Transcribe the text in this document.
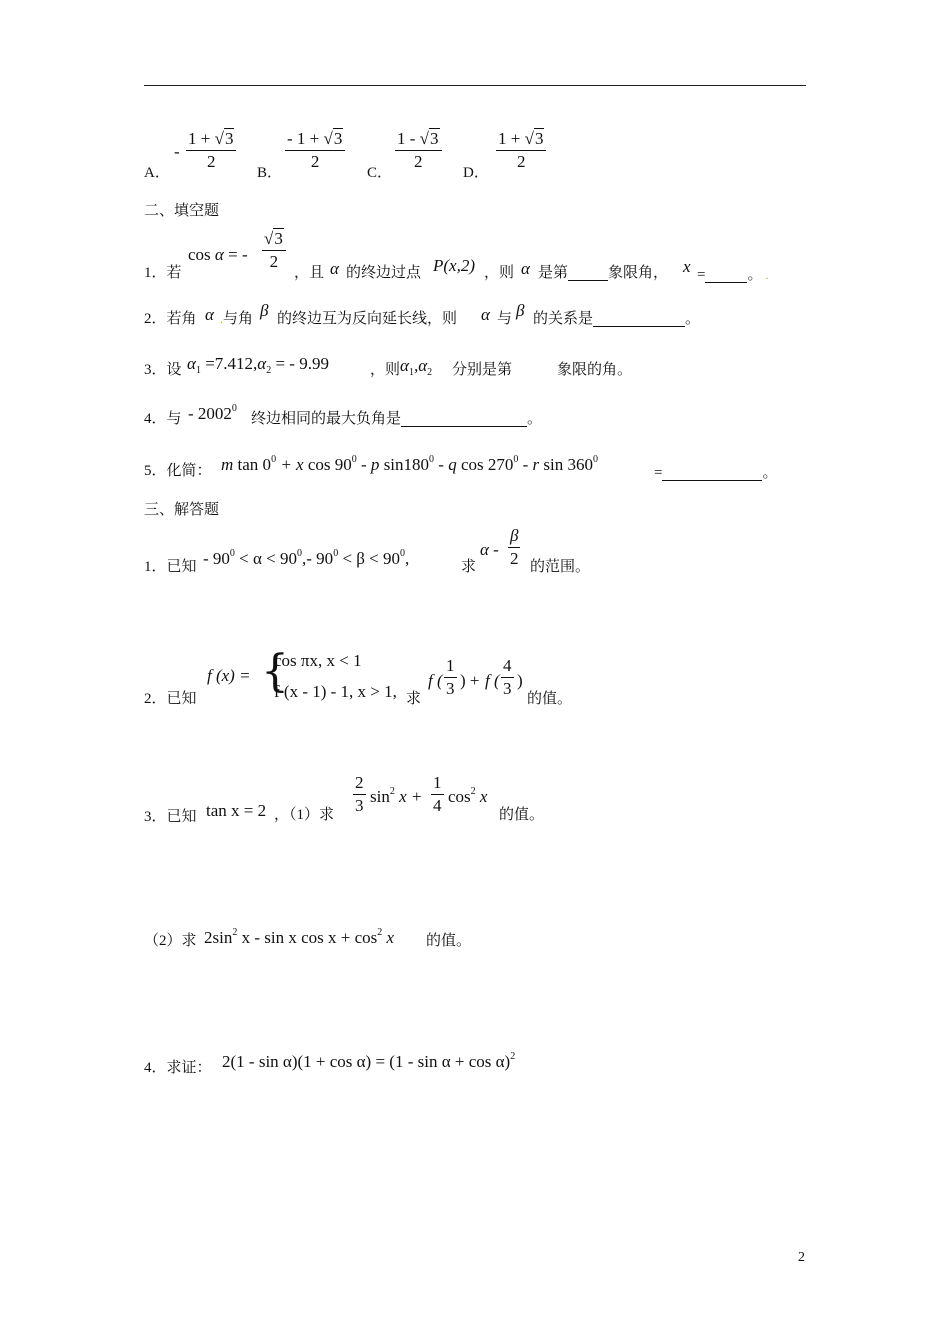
A．
- $\frac{1 + √3}{2}$
B．
$\frac{- 1 + √3}{2}$
C．
$\frac{1 - √3}{2}$
D．
$\frac{1 + √3}{2}$
二、填空题
1．若
cos α = - $\frac{√3}{2}$
，且 α 的终边过点 P(x,2) ，则 α 是第	象限角， x =	。 .
2．若角 α .与角 β 的终边互为反向延长线，则 α 与 β 的关系是	。
3．设 $\alpha_1 =7.412,\alpha_2$ = - 9.99	，则 $\alpha_1,\alpha_2$ 分别是第	象限的角。
4．与 - 2002$^0$
终边相同的最大负角是	。
5．化简： m $\tan 0^0 + x$ $\cos 90^0$ - p $\sin 180^0$ - q $\cos 270^0$ - r $\sin 360^0$
=	。
三、解答题
1．已知 - $90^0 < \alpha < 90^0,-$ $90^0 < \beta < 90^0$,	求
α - $\frac{\beta}{2}$ 的范围。
2．已知
f (x) = {
cos πx, x < 1
f (x - 1) - 1, x > 1, 求
f ( $\frac{1}{3}$ ) + f ( $\frac{4}{3}$ )
的值。
3．已知 tan x = 2 ，（1）求
$\frac{2}{3} \sin^2 x + \frac{1}{4} \cos^2 x$
的值。
（2）求 $2\sin^2$ x - sin x $\cos x + \cos^2 x$ 的值。
4．求证： $2(1 - \sin \alpha)(1 + \cos \alpha) = (1 - \sin \alpha + \cos \alpha)^2$
2
